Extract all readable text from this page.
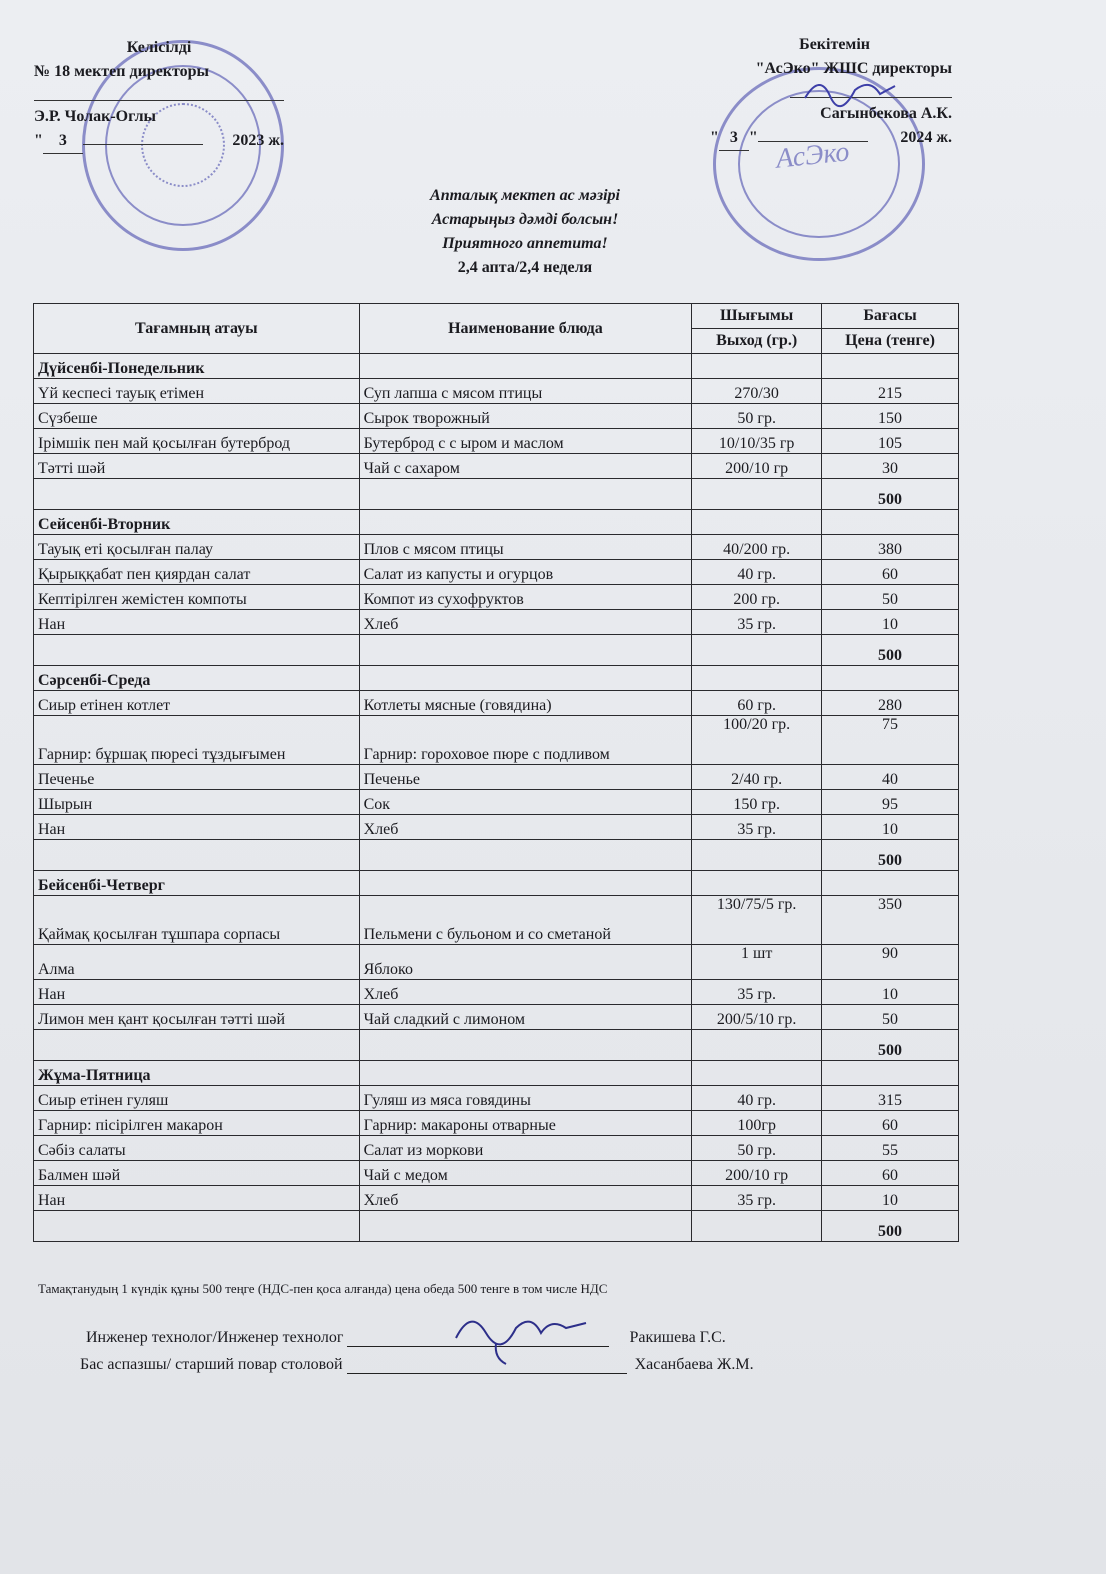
АсЭко
Келісілді
№ 18 мектеп директоры
Э.Р. Чолак-Оглы
" 3	2023 ж.
Бекітемін
"АсЭко" ЖШС директоры
Сагынбекова А.К.
" 3 "	2024 ж.
Апталық мектеп ас мәзірі
Астарыңыз дәмді болсын!
Приятного аппетита!
2,4 апта/2,4 неделя
Тағамның атауы	Наименование блюда	Шығымы	Бағасы
		Выход (гр.)	Цена (тенге)
Дүйсенбі-Понедельник			
Үй кеспесі тауық етімен	Суп лапша с мясом птицы	270/30	215
Сүзбеше	Сырок творожный	50 гр.	150
Ірімшік пен май қосылған бутерброд	Бутерброд с с ыром и маслом	10/10/35 гр	105
Тәтті шәй	Чай с сахаром	200/10 гр	30
			500
Сейсенбі-Вторник			
Тауық еті қосылған палау	Плов с мясом птицы	40/200 гр.	380
Қырыққабат пен қиярдан салат	Салат из капусты и огурцов	40 гр.	60
Кептірілген жемістен компоты	Компот из сухофруктов	200 гр.	50
Нан	Хлеб	35 гр.	10
			500
Сәрсенбі-Среда			
Сиыр етінен котлет	Котлеты мясные (говядина)	60 гр.	280
Гарнир: бұршақ пюресі тұздығымен	Гарнир: гороховое пюре с подливом	100/20 гр.	75
Печенье	Печенье	2/40 гр.	40
Шырын	Сок	150 гр.	95
Нан	Хлеб	35 гр.	10
			500
Бейсенбі-Четверг			
Қаймақ қосылған тұшпара сорпасы	Пельмени с бульоном и со сметаной	130/75/5 гр.	350
Алма	Яблоко	1 шт	90
Нан	Хлеб	35 гр.	10
Лимон мен қант қосылған тәтті шәй	Чай сладкий с лимоном	200/5/10 гр.	50
			500
Жұма-Пятница			
Сиыр етінен гуляш	Гуляш из мяса говядины	40 гр.	315
Гарнир: пісірілген макарон	Гарнир: макароны отварные	100гр	60
Сәбіз салаты	Салат из моркови	50 гр.	55
Балмен шәй	Чай с медом	200/10 гр	60
Нан	Хлеб	35 гр.	10
			500
Тамақтанудың 1 күндік құны 500 теңге (НДС-пен қоса алғанда) цена обеда 500 тенге в том числе НДС
Инженер технолог/Инженер технолог	Ракишева Г.С.
Бас аспазшы/ старший повар столовой	Хасанбаева Ж.М.
